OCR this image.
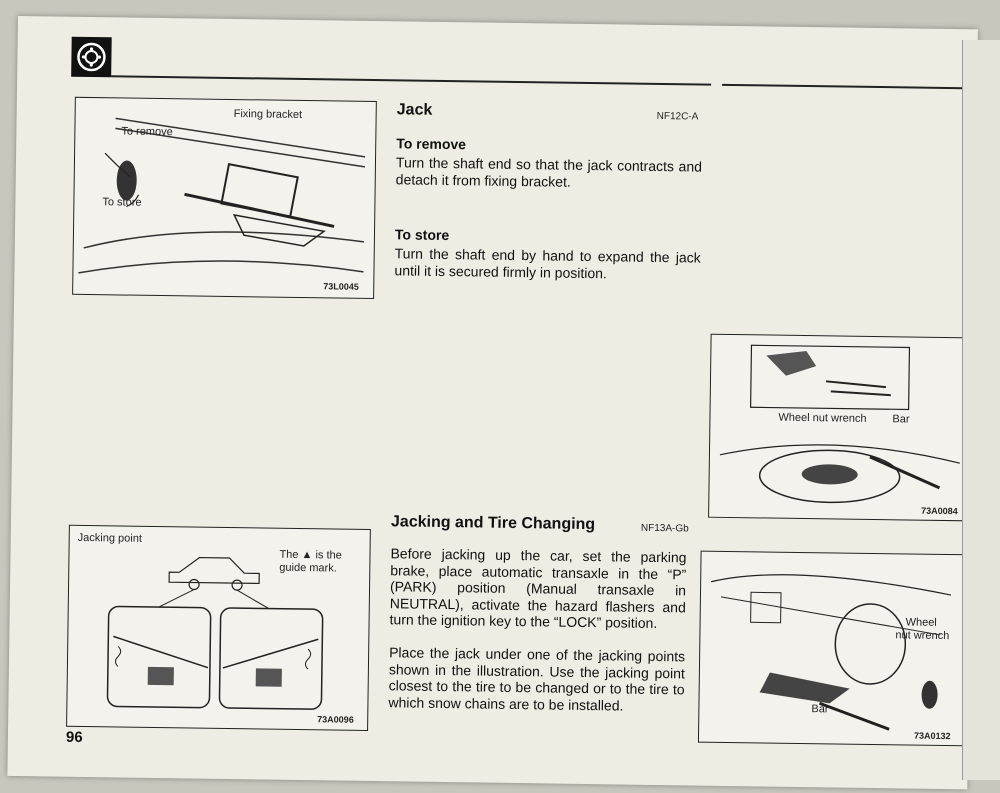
Fixing bracket
To remove
To store
73L0045
Jack	NF12C-A
To remove
Turn the shaft end so that the jack contracts and detach it from fixing bracket.
To store
Turn the shaft end by hand to expand the jack until it is secured firmly in position.
Wheel nut wrench Bar
73A0084
Jacking and Tire Changing	NF13A-Gb
Before jacking up the car, set the parking brake, place automatic transaxle in the “P” (PARK) position (Manual transaxle in NEUTRAL), activate the hazard flashers and turn the ignition key to the “LOCK” position.
Place the jack under one of the jacking points shown in the illustration. Use the jacking point closest to the tire to be changed or to the tire to which snow chains are to be installed.
Jacking point
The ▲ is the
guide mark.
73A0096
Wheel
nut wrench
Bar
73A0132
96
